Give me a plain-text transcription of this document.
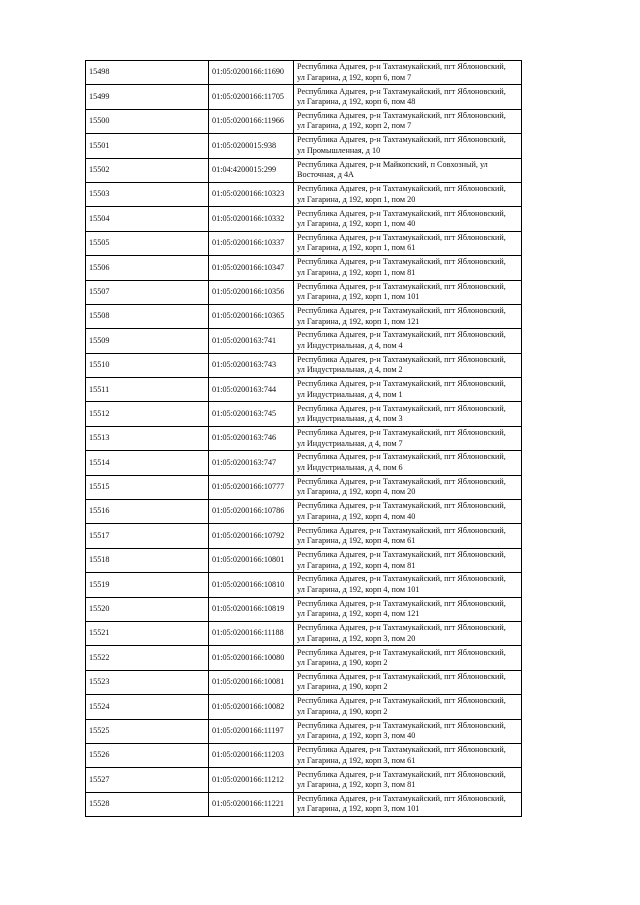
15498	01:05:0200166:11690	Республика Адыгея, р-н Тахтамукайский, пгт Яблоновский,
ул Гагарина, д 192, корп 6, пом 7

15499	01:05:0200166:11705	Республика Адыгея, р-н Тахтамукайский, пгт Яблоновский,
ул Гагарина, д 192, корп 6, пом 48

15500	01:05:0200166:11966	Республика Адыгея, р-н Тахтамукайский, пгт Яблоновский,
ул Гагарина, д 192, корп 2, пом 7

15501	01:05:0200015:938	Республика Адыгея, р-н Тахтамукайский, пгт Яблоновский,
ул Промышленная, д 10

15502	01:04:4200015:299	Республика Адыгея, р-н Майкопский, п Совхозный, ул
Восточная, д 4А

15503	01:05:0200166:10323	Республика Адыгея, р-н Тахтамукайский, пгт Яблоновский,
ул Гагарина, д 192, корп 1, пом 20

15504	01:05:0200166:10332	Республика Адыгея, р-н Тахтамукайский, пгт Яблоновский,
ул Гагарина, д 192, корп 1, пом 40

15505	01:05:0200166:10337	Республика Адыгея, р-н Тахтамукайский, пгт Яблоновский,
ул Гагарина, д 192, корп 1, пом 61

15506	01:05:0200166:10347	Республика Адыгея, р-н Тахтамукайский, пгт Яблоновский,
ул Гагарина, д 192, корп 1, пом 81

15507	01:05:0200166:10356	Республика Адыгея, р-н Тахтамукайский, пгт Яблоновский,
ул Гагарина, д 192, корп 1, пом 101

15508	01:05:0200166:10365	Республика Адыгея, р-н Тахтамукайский, пгт Яблоновский,
ул Гагарина, д 192, корп 1, пом 121

15509	01:05:0200163:741	Республика Адыгея, р-н Тахтамукайский, пгт Яблоновский,
ул Индустриальная, д 4, пом 4

15510	01:05:0200163:743	Республика Адыгея, р-н Тахтамукайский, пгт Яблоновский,
ул Индустриальная, д 4, пом 2

15511	01:05:0200163:744	Республика Адыгея, р-н Тахтамукайский, пгт Яблоновский,
ул Индустриальная, д 4, пом 1

15512	01:05:0200163:745	Республика Адыгея, р-н Тахтамукайский, пгт Яблоновский,
ул Индустриальная, д 4, пом 3

15513	01:05:0200163:746	Республика Адыгея, р-н Тахтамукайский, пгт Яблоновский,
ул Индустриальная, д 4, пом 7

15514	01:05:0200163:747	Республика Адыгея, р-н Тахтамукайский, пгт Яблоновский,
ул Индустриальная, д 4, пом 6

15515	01:05:0200166:10777	Республика Адыгея, р-н Тахтамукайский, пгт Яблоновский,
ул Гагарина, д 192, корп 4, пом 20

15516	01:05:0200166:10786	Республика Адыгея, р-н Тахтамукайский, пгт Яблоновский,
ул Гагарина, д 192, корп 4, пом 40

15517	01:05:0200166:10792	Республика Адыгея, р-н Тахтамукайский, пгт Яблоновский,
ул Гагарина, д 192, корп 4, пом 61

15518	01:05:0200166:10801	Республика Адыгея, р-н Тахтамукайский, пгт Яблоновский,
ул Гагарина, д 192, корп 4, пом 81

15519	01:05:0200166:10810	Республика Адыгея, р-н Тахтамукайский, пгт Яблоновский,
ул Гагарина, д 192, корп 4, пом 101

15520	01:05:0200166:10819	Республика Адыгея, р-н Тахтамукайский, пгт Яблоновский,
ул Гагарина, д 192, корп 4, пом 121

15521	01:05:0200166:11188	Республика Адыгея, р-н Тахтамукайский, пгт Яблоновский,
ул Гагарина, д 192, корп 3, пом 20

15522	01:05:0200166:10080	Республика Адыгея, р-н Тахтамукайский, пгт Яблоновский,
ул Гагарина, д 190, корп 2

15523	01:05:0200166:10081	Республика Адыгея, р-н Тахтамукайский, пгт Яблоновский,
ул Гагарина, д 190, корп 2

15524	01:05:0200166:10082	Республика Адыгея, р-н Тахтамукайский, пгт Яблоновский,
ул Гагарина, д 190, корп 2

15525	01:05:0200166:11197	Республика Адыгея, р-н Тахтамукайский, пгт Яблоновский,
ул Гагарина, д 192, корп 3, пом 40

15526	01:05:0200166:11203	Республика Адыгея, р-н Тахтамукайский, пгт Яблоновский,
ул Гагарина, д 192, корп 3, пом 61

15527	01:05:0200166:11212	Республика Адыгея, р-н Тахтамукайский, пгт Яблоновский,
ул Гагарина, д 192, корп 3, пом 81

15528	01:05:0200166:11221	Республика Адыгея, р-н Тахтамукайский, пгт Яблоновский,
ул Гагарина, д 192, корп 3, пом 101
